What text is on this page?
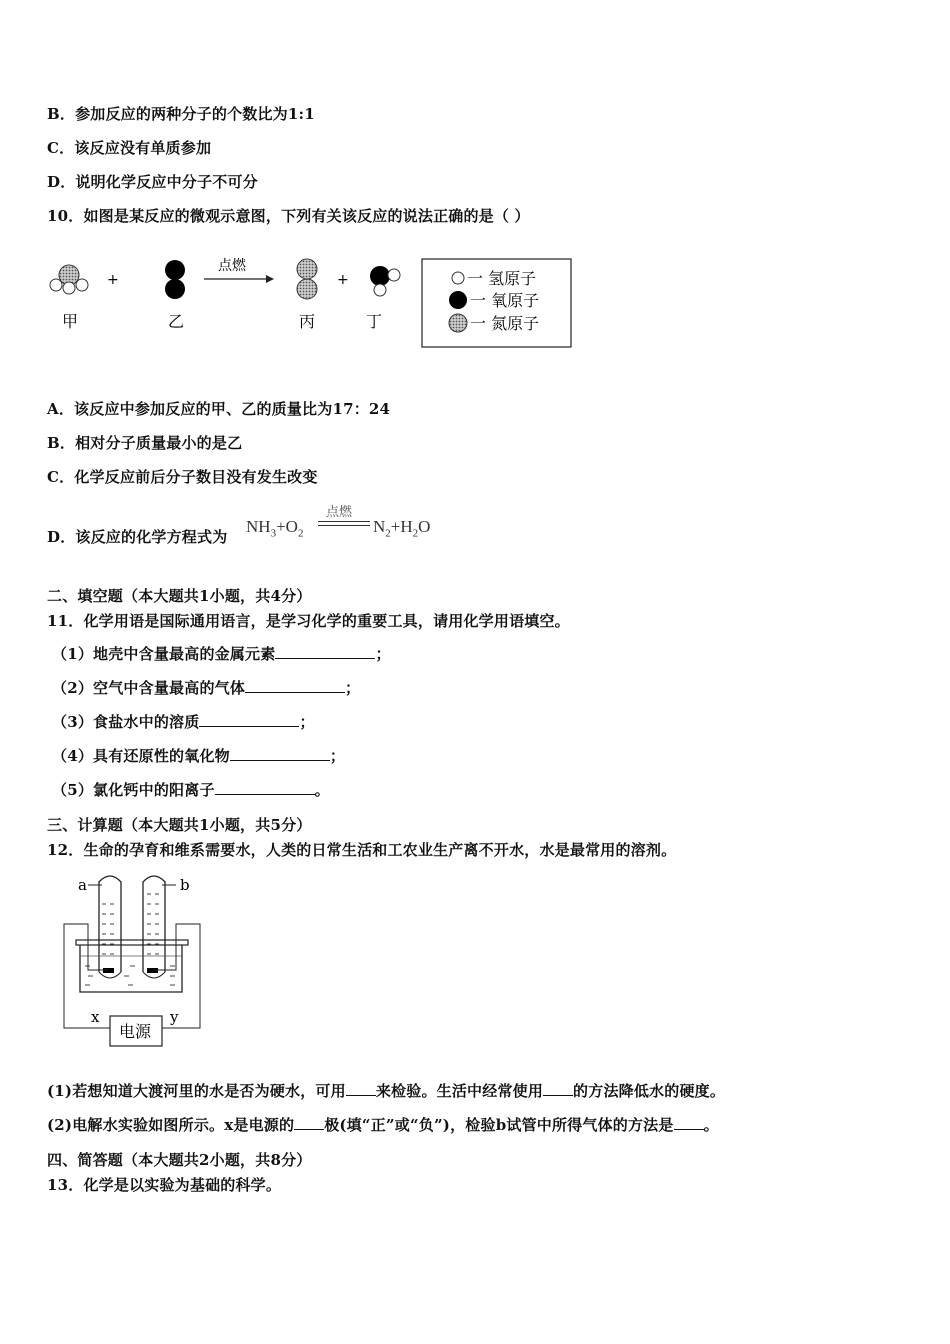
B．参加反应的两种分子的个数比为1:1
C．该反应没有单质参加
D．说明化学反应中分子不可分
10．如图是某反应的微观示意图，下列有关该反应的说法正确的是（ ）
+
点燃
+
甲	乙	丙	丁
一 氢原子
一 氧原子
一 氮原子
A．该反应中参加反应的甲、乙的质量比为17：24
B．相对分子质量最小的是乙
C．化学反应前后分子数目没有发生改变
D．该反应的化学方程式为
$NH_3+O_2$
点燃
$N_2+H_2O$
二、填空题（本大题共1小题，共4分）
11．化学用语是国际通用语言，是学习化学的重要工具，请用化学用语填空。
（1）地壳中含量最高的金属元素	；
（2）空气中含量最高的气体	；
（3）食盐水中的溶质	；
（4）具有还原性的氧化物	；
（5）氯化钙中的阳离子	。
三、计算题（本大题共1小题，共5分）
12．生命的孕育和维系需要水，人类的日常生活和工农业生产离不开水，水是最常用的溶剂。
a	b
x	y
电源
(1)若想知道大渡河里的水是否为硬水，可用 来检验。生活中经常使用 的方法降低水的硬度。
(2)电解水实验如图所示。x是电源的 极(填“正”或“负”)，检验b试管中所得气体的方法是 。
四、简答题（本大题共2小题，共8分）
13．化学是以实验为基础的科学。
